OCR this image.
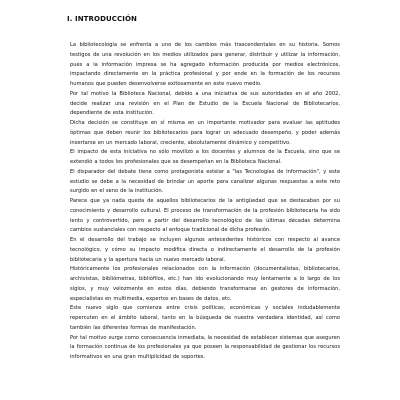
I. INTRODUCCIÓN

La bibliotecología se enfrenta a uno de los cambios más trascendentales en su historia. Somos testigos de una revolución en los medios utilizados para generar, distribuir y utilizar la información, pues a la información impresa se ha agregado información producida por medios electrónicos, impactando directamente en la práctica profesional y por ende en la formación de los recursos humanos que pueden desenvolverse exitosamente en este nuevo medio.

Por tal motivo la Biblioteca Nacional, debido a una iniciativa de sus autoridades en el año 2002, decide realizar una revisión en el Plan de Estudio de la Escuela Nacional de Bibliotecarios, dependiente de esta institución.

Dicha decisión se constituye en sí misma en un importante motivador para evaluar las aptitudes óptimas que deben reunir los bibliotecarios para lograr un adecuado desempeño, y poder además insertarse en un mercado laboral, creciente, absolutamente dinámico y competitivo.

El impacto de esta iniciativa no sólo movilizó a los docentes y alumnos de la Escuela, sino que se extendió a todos los profesionales que se desempeñan en la Biblioteca Nacional.

El disparador del debate tiene como protagonista estelar a "las Tecnologías de Información", y este estudio se debe a la necesidad de brindar un aporte para canalizar algunas respuestas a este reto surgido en el seno de la institución.

Parece que ya nada queda de aquellos bibliotecarios de la antigüedad que se destacaban por su conocimiento y desarrollo cultural. El proceso de transformación de la profesión bibliotecaria ha sido lento y controvertido, pero a partir del desarrollo tecnológico de las últimas décadas determina cambios sustanciales con respecto al enfoque tradicional de dicha profesión.

En el desarrollo del trabajo se incluyen algunos antecedentes históricos con respecto al avance tecnológico, y cómo su impacto modifica directa o indirectamente el desarrollo de la profesión bibliotecaria y la apertura hacia un nuevo mercado laboral.

Históricamente los profesionales relacionados con la información (documentalistas, bibliotecarios, archivistas, bibliómetras, bibliófilos, etc.) han ido evolucionando muy lentamente a lo largo de los siglos, y muy velozmente en estos días, debiendo transformarse en gestores de información, especialistas en multimedia, expertos en bases de datos, etc.

Este nuevo siglo que comienza entre crisis políticas, económicas y sociales indudablemente repercuten en el ámbito laboral, tanto en la búsqueda de nuestra verdadera identidad, así como también las diferentes formas de manifestación.

Por tal motivo surge como consecuencia inmediata, la necesidad de establecer sistemas que aseguren la formación continua de los profesionales ya que poseen la responsabilidad de gestionar los recursos informativos en una gran multiplicidad de soportes.
